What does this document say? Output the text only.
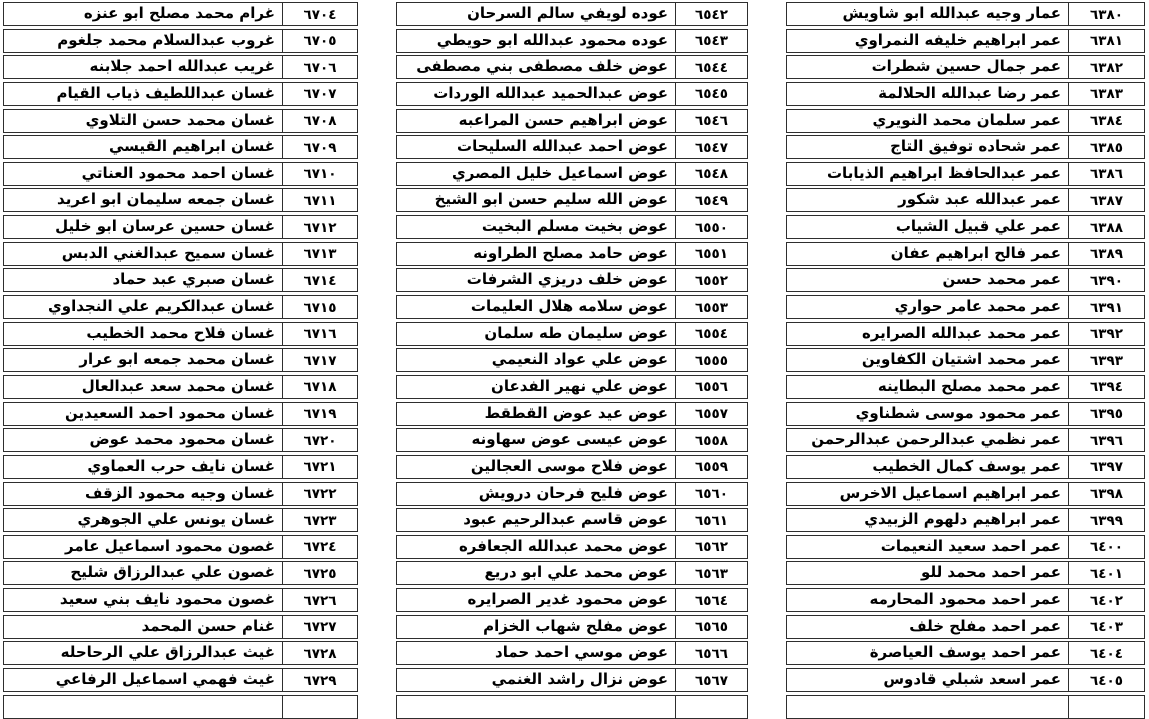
٦٣٨٠
عمار وجيه عبدالله ابو شاويش
٦٣٨١
عمر ابراهيم خليفه النمراوي
٦٣٨٢
عمر جمال حسين شطرات
٦٣٨٣
عمر رضا عبدالله الحلالمة
٦٣٨٤
عمر سلمان محمد النويري
٦٣٨٥
عمر شحاده توفيق التاج
٦٣٨٦
عمر عبدالحافظ ابراهيم الذيابات
٦٣٨٧
عمر عبدالله عبد شكور
٦٣٨٨
عمر علي قبيل الشياب
٦٣٨٩
عمر فالح ابراهيم عفان
٦٣٩٠
عمر محمد حسن
٦٣٩١
عمر محمد عامر حواري
٦٣٩٢
عمر محمد عبدالله الصرايره
٦٣٩٣
عمر محمد اشتيان الكفاوين
٦٣٩٤
عمر محمد مصلح البطاينه
٦٣٩٥
عمر محمود موسى شطناوي
٦٣٩٦
عمر نظمي عبدالرحمن عبدالرحمن
٦٣٩٧
عمر يوسف كمال الخطيب
٦٣٩٨
عمر ابراهيم اسماعيل الاخرس
٦٣٩٩
عمر ابراهيم دلهوم الزبيدي
٦٤٠٠
عمر احمد سعيد النعيمات
٦٤٠١
عمر احمد محمد للو
٦٤٠٢
عمر احمد محمود المحارمه
٦٤٠٣
عمر احمد مفلح خلف
٦٤٠٤
عمر احمد يوسف العياصرة
٦٤٠٥
عمر اسعد شبلي قادوس
٦٥٤٢
عوده لويفي سالم السرحان
٦٥٤٣
عوده محمود عبدالله ابو حويطي
٦٥٤٤
عوض خلف مصطفى بني مصطفى
٦٥٤٥
عوض عبدالحميد عبدالله الوردات
٦٥٤٦
عوض ابراهيم حسن المراعبه
٦٥٤٧
عوض احمد عبدالله السليحات
٦٥٤٨
عوض اسماعيل خليل المصري
٦٥٤٩
عوض الله سليم حسن ابو الشيخ
٦٥٥٠
عوض بخيت مسلم البخيت
٦٥٥١
عوض حامد مصلح الطراونه
٦٥٥٢
عوض خلف دريزي الشرفات
٦٥٥٣
عوض سلامه هلال العليمات
٦٥٥٤
عوض سليمان طه سلمان
٦٥٥٥
عوض علي عواد النعيمي
٦٥٥٦
عوض علي نهير الفدعان
٦٥٥٧
عوض عيد عوض القطقط
٦٥٥٨
عوض عيسى عوض سهاونه
٦٥٥٩
عوض فلاح موسى العجالين
٦٥٦٠
عوض فليح فرحان درويش
٦٥٦١
عوض قاسم عبدالرحيم عبود
٦٥٦٢
عوض محمد عبدالله الجعافره
٦٥٦٣
عوض محمد علي ابو دريع
٦٥٦٤
عوض محمود غدير الصرايره
٦٥٦٥
عوض مفلح شهاب الخزام
٦٥٦٦
عوض موسي احمد حماد
٦٥٦٧
عوض نزال راشد الغنمي
٦٧٠٤
غرام محمد مصلح ابو عنزه
٦٧٠٥
غروب عبدالسلام محمد جلغوم
٦٧٠٦
غريب عبدالله احمد جلابنه
٦٧٠٧
غسان عبداللطيف ذياب القيام
٦٧٠٨
غسان محمد حسن التلاوي
٦٧٠٩
غسان ابراهيم القيسي
٦٧١٠
غسان احمد محمود العناتي
٦٧١١
غسان جمعه سليمان ابو اعريد
٦٧١٢
غسان حسين عرسان ابو خليل
٦٧١٣
غسان سميح عبدالغني الدبس
٦٧١٤
غسان صبري عبد حماد
٦٧١٥
غسان عبدالكريم علي النجداوي
٦٧١٦
غسان فلاح محمد الخطيب
٦٧١٧
غسان محمد جمعه ابو عرار
٦٧١٨
غسان محمد سعد عبدالعال
٦٧١٩
غسان محمود احمد السعيدين
٦٧٢٠
غسان محمود محمد عوض
٦٧٢١
غسان نايف حرب العماوي
٦٧٢٢
غسان وجيه محمود الزقف
٦٧٢٣
غسان يونس علي الجوهري
٦٧٢٤
غصون محمود اسماعيل عامر
٦٧٢٥
غصون علي عبدالرزاق شليح
٦٧٢٦
غصون محمود نايف بني سعيد
٦٧٢٧
غنام حسن المحمد
٦٧٢٨
غيث عبدالرزاق علي الرحاحله
٦٧٢٩
غيث فهمي اسماعيل الرفاعي
